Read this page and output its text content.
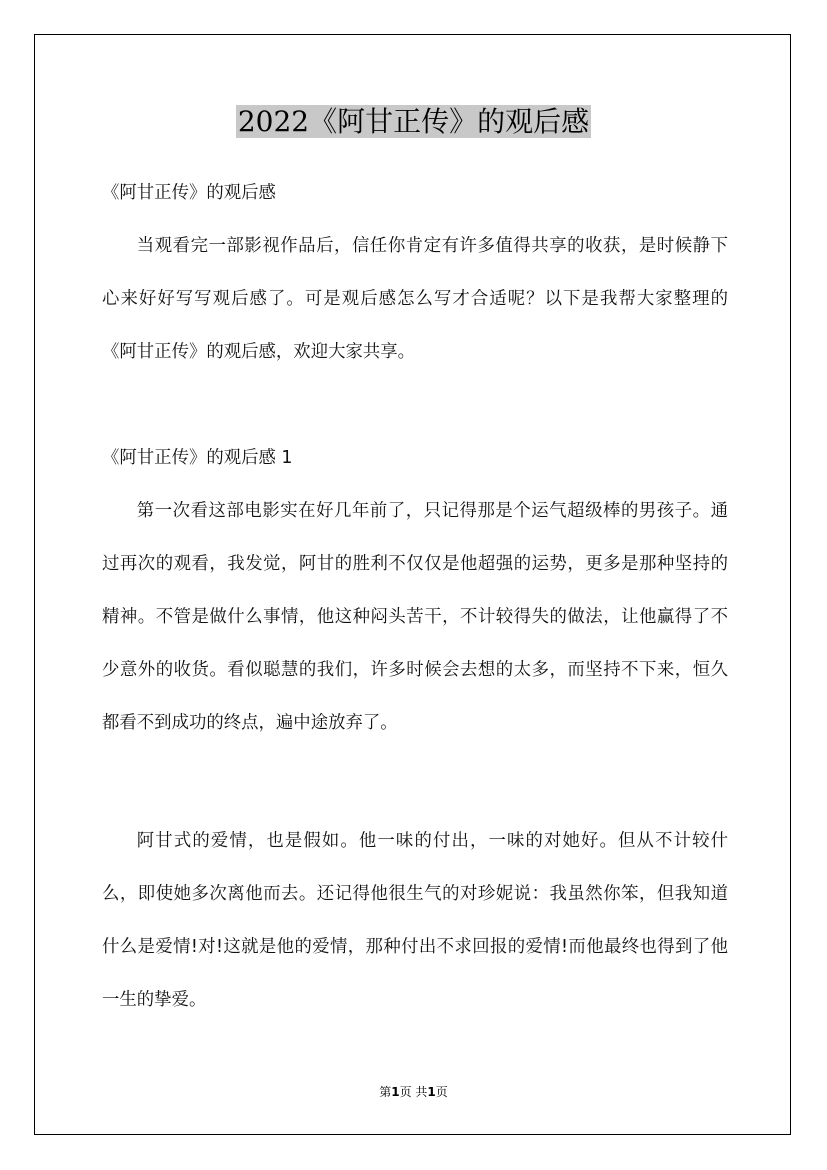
2022《阿甘正传》的观后感

《阿甘正传》的观后感

当观看完一部影视作品后，信任你肯定有许多值得共享的收获，是时候静下心来好好写写观后感了。可是观后感怎么写才合适呢？以下是我帮大家整理的《阿甘正传》的观后感，欢迎大家共享。

《阿甘正传》的观后感 1

第一次看这部电影实在好几年前了，只记得那是个运气超级棒的男孩子。通过再次的观看，我发觉，阿甘的胜利不仅仅是他超强的运势，更多是那种坚持的精神。不管是做什么事情，他这种闷头苦干，不计较得失的做法，让他赢得了不少意外的收货。看似聪慧的我们，许多时候会去想的太多，而坚持不下来，恒久都看不到成功的终点，遍中途放弃了。

阿甘式的爱情，也是假如。他一味的付出，一味的对她好。但从不计较什么，即使她多次离他而去。还记得他很生气的对珍妮说：我虽然你笨，但我知道什么是爱情!对!这就是他的爱情，那种付出不求回报的爱情!而他最终也得到了他一生的挚爱。

第1页 共1页
